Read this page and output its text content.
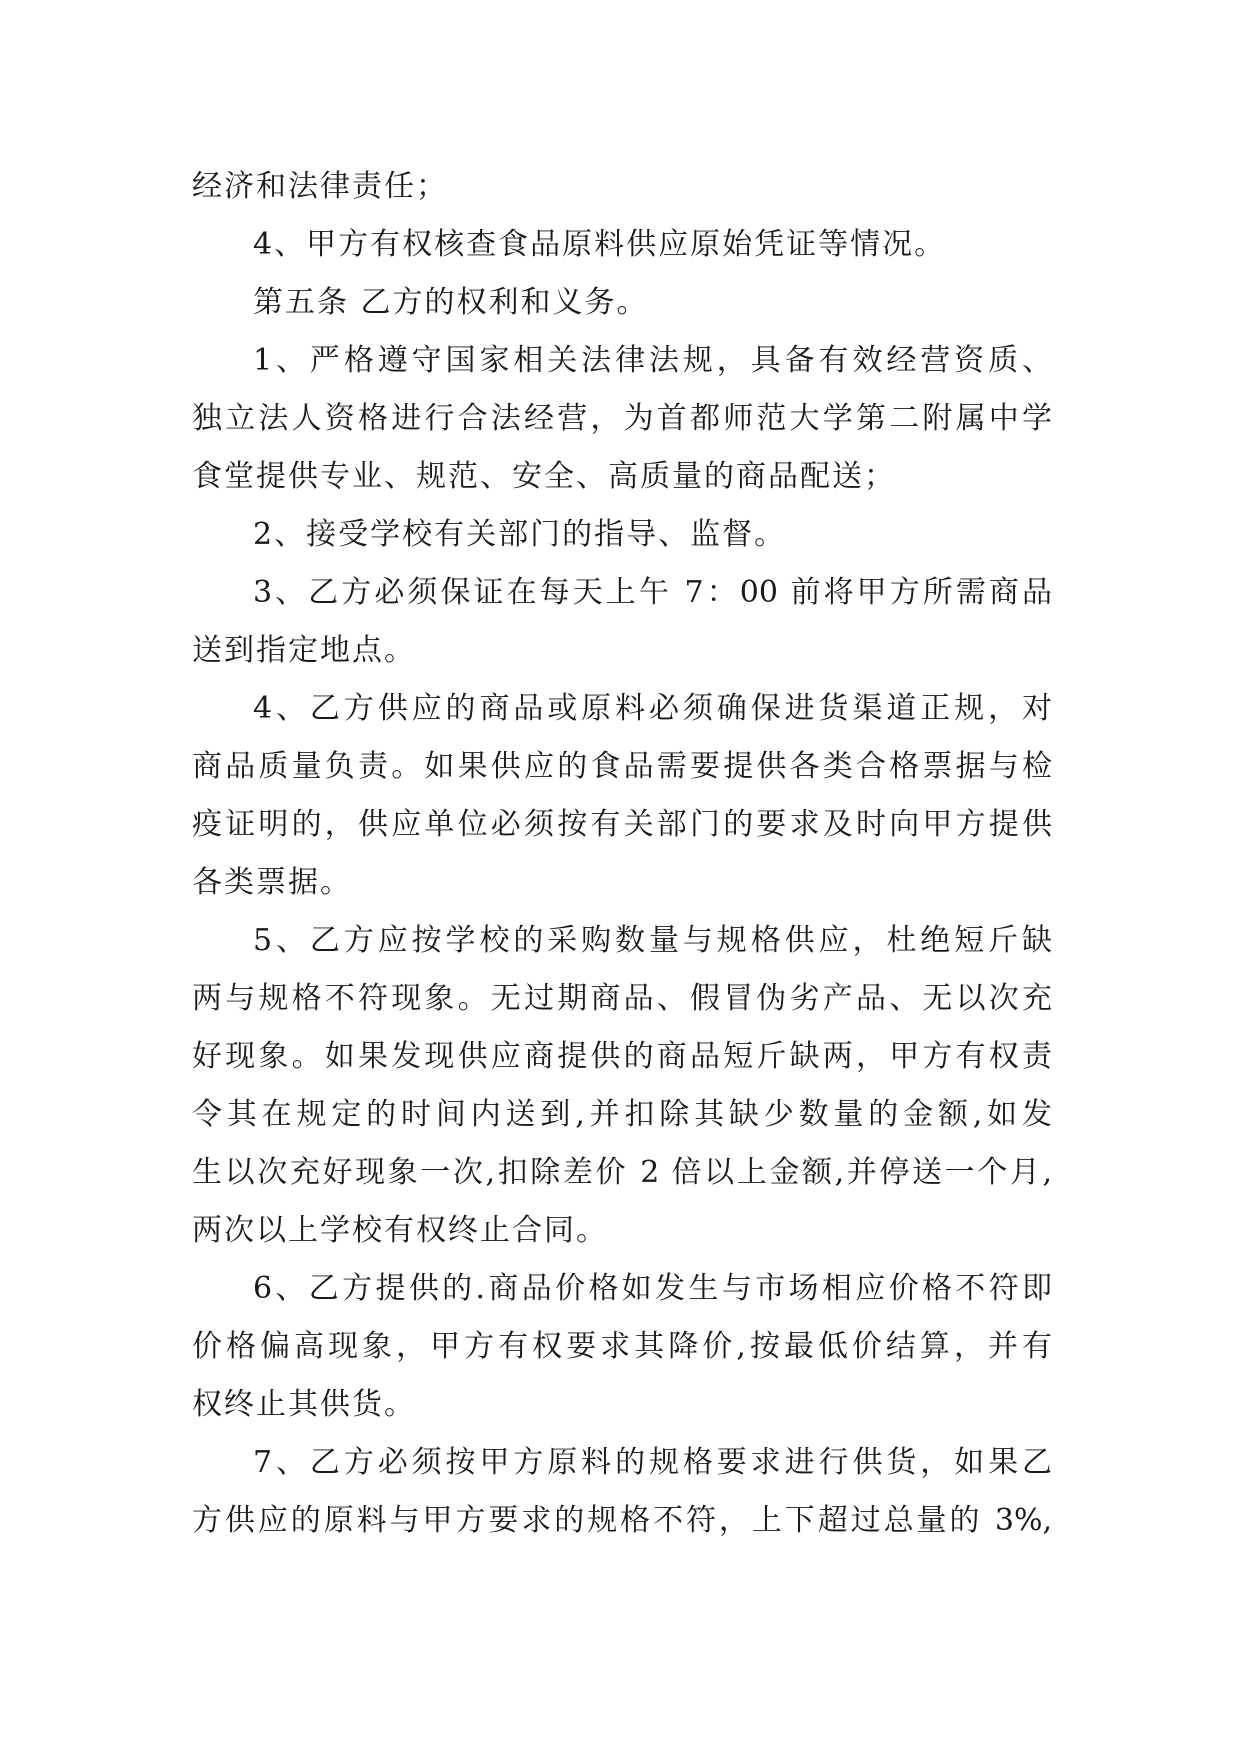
经济和法律责任；
4、甲方有权核查食品原料供应原始凭证等情况。
第五条 乙方的权利和义务。
1、严格遵守国家相关法律法规，具备有效经营资质、
独立法人资格进行合法经营，为首都师范大学第二附属中学
食堂提供专业、规范、安全、高质量的商品配送；
2、接受学校有关部门的指导、监督。
3、乙方必须保证在每天上午 7：00 前将甲方所需商品
送到指定地点。
4、乙方供应的商品或原料必须确保进货渠道正规，对
商品质量负责。如果供应的食品需要提供各类合格票据与检
疫证明的，供应单位必须按有关部门的要求及时向甲方提供
各类票据。
5、乙方应按学校的采购数量与规格供应，杜绝短斤缺
两与规格不符现象。无过期商品、假冒伪劣产品、无以次充
好现象。如果发现供应商提供的商品短斤缺两，甲方有权责
令其在规定的时间内送到,并扣除其缺少数量的金额,如发
生以次充好现象一次,扣除差价 2 倍以上金额,并停送一个月,
两次以上学校有权终止合同。
6、乙方提供的.商品价格如发生与市场相应价格不符即
价格偏高现象，甲方有权要求其降价,按最低价结算，并有
权终止其供货。
7、乙方必须按甲方原料的规格要求进行供货，如果乙
方供应的原料与甲方要求的规格不符，上下超过总量的 3%,
